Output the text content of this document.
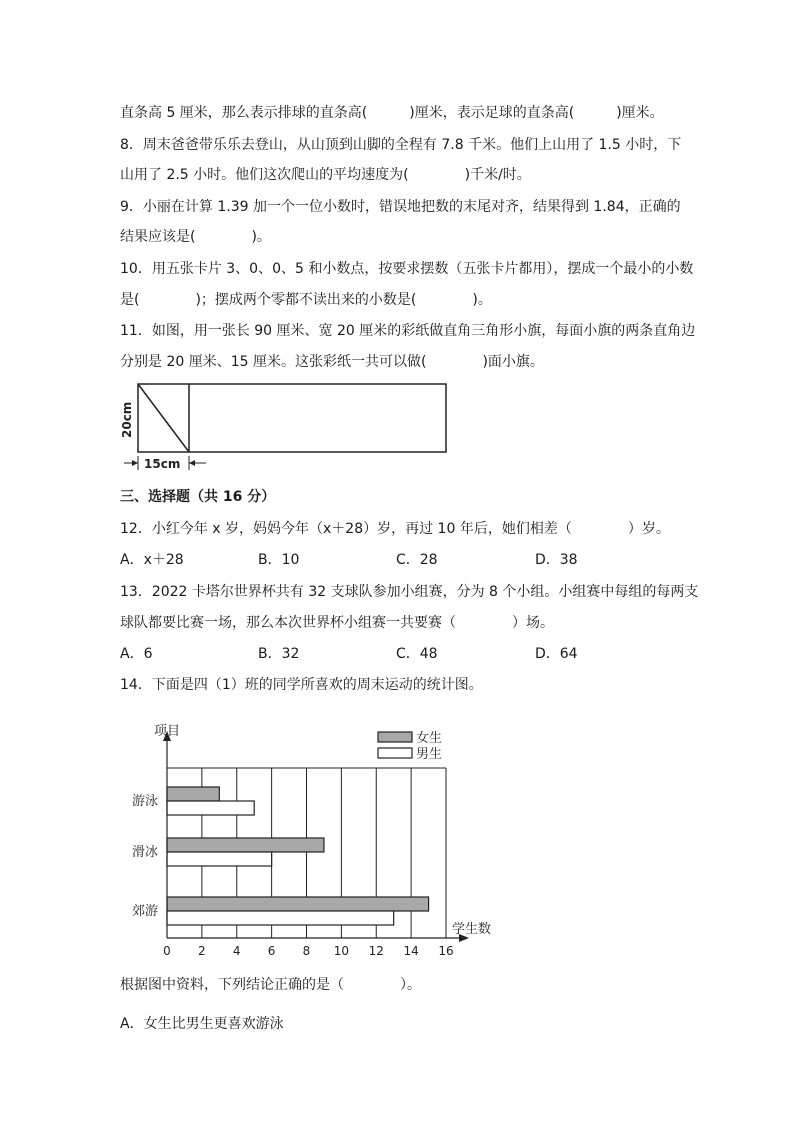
直条高 5 厘米，那么表示排球的直条高(　　　)厘米，表示足球的直条高(　　　)厘米。
8．周末爸爸带乐乐去登山，从山顶到山脚的全程有 7.8 千米。他们上山用了 1.5 小时，下
山用了 2.5 小时。他们这次爬山的平均速度为(　　　　)千米/时。
9．小丽在计算 1.39 加一个一位小数时，错误地把数的末尾对齐，结果得到 1.84，正确的
结果应该是(　　　　)。
10．用五张卡片 3、0、0、5 和小数点，按要求摆数（五张卡片都用），摆成一个最小的小数
是(　　　　)；摆成两个零都不读出来的小数是(　　　　)。
11．如图，用一张长 90 厘米、宽 20 厘米的彩纸做直角三角形小旗，每面小旗的两条直角边
分别是 20 厘米、15 厘米。这张彩纸一共可以做(　　　　)面小旗。
20cm
15cm
三、选择题（共 16 分）
12．小红今年 x 岁，妈妈今年（x＋28）岁，再过 10 年后，她们相差（　　　　）岁。
A．x＋28	B．10	C．28	D．38
13．2022 卡塔尔世界杯共有 32 支球队参加小组赛，分为 8 个小组。小组赛中每组的每两支
球队都要比赛一场，那么本次世界杯小组赛一共要赛（　　　　）场。
A．6	B．32	C．48	D．64
14．下面是四（1）班的同学所喜欢的周末运动的统计图。
项目
学生数
0 2 4 6 8 10 12 14 16
游泳
滑冰
郊游
女生
男生
根据图中资料，下列结论正确的是（　　　　）。
A．女生比男生更喜欢游泳
